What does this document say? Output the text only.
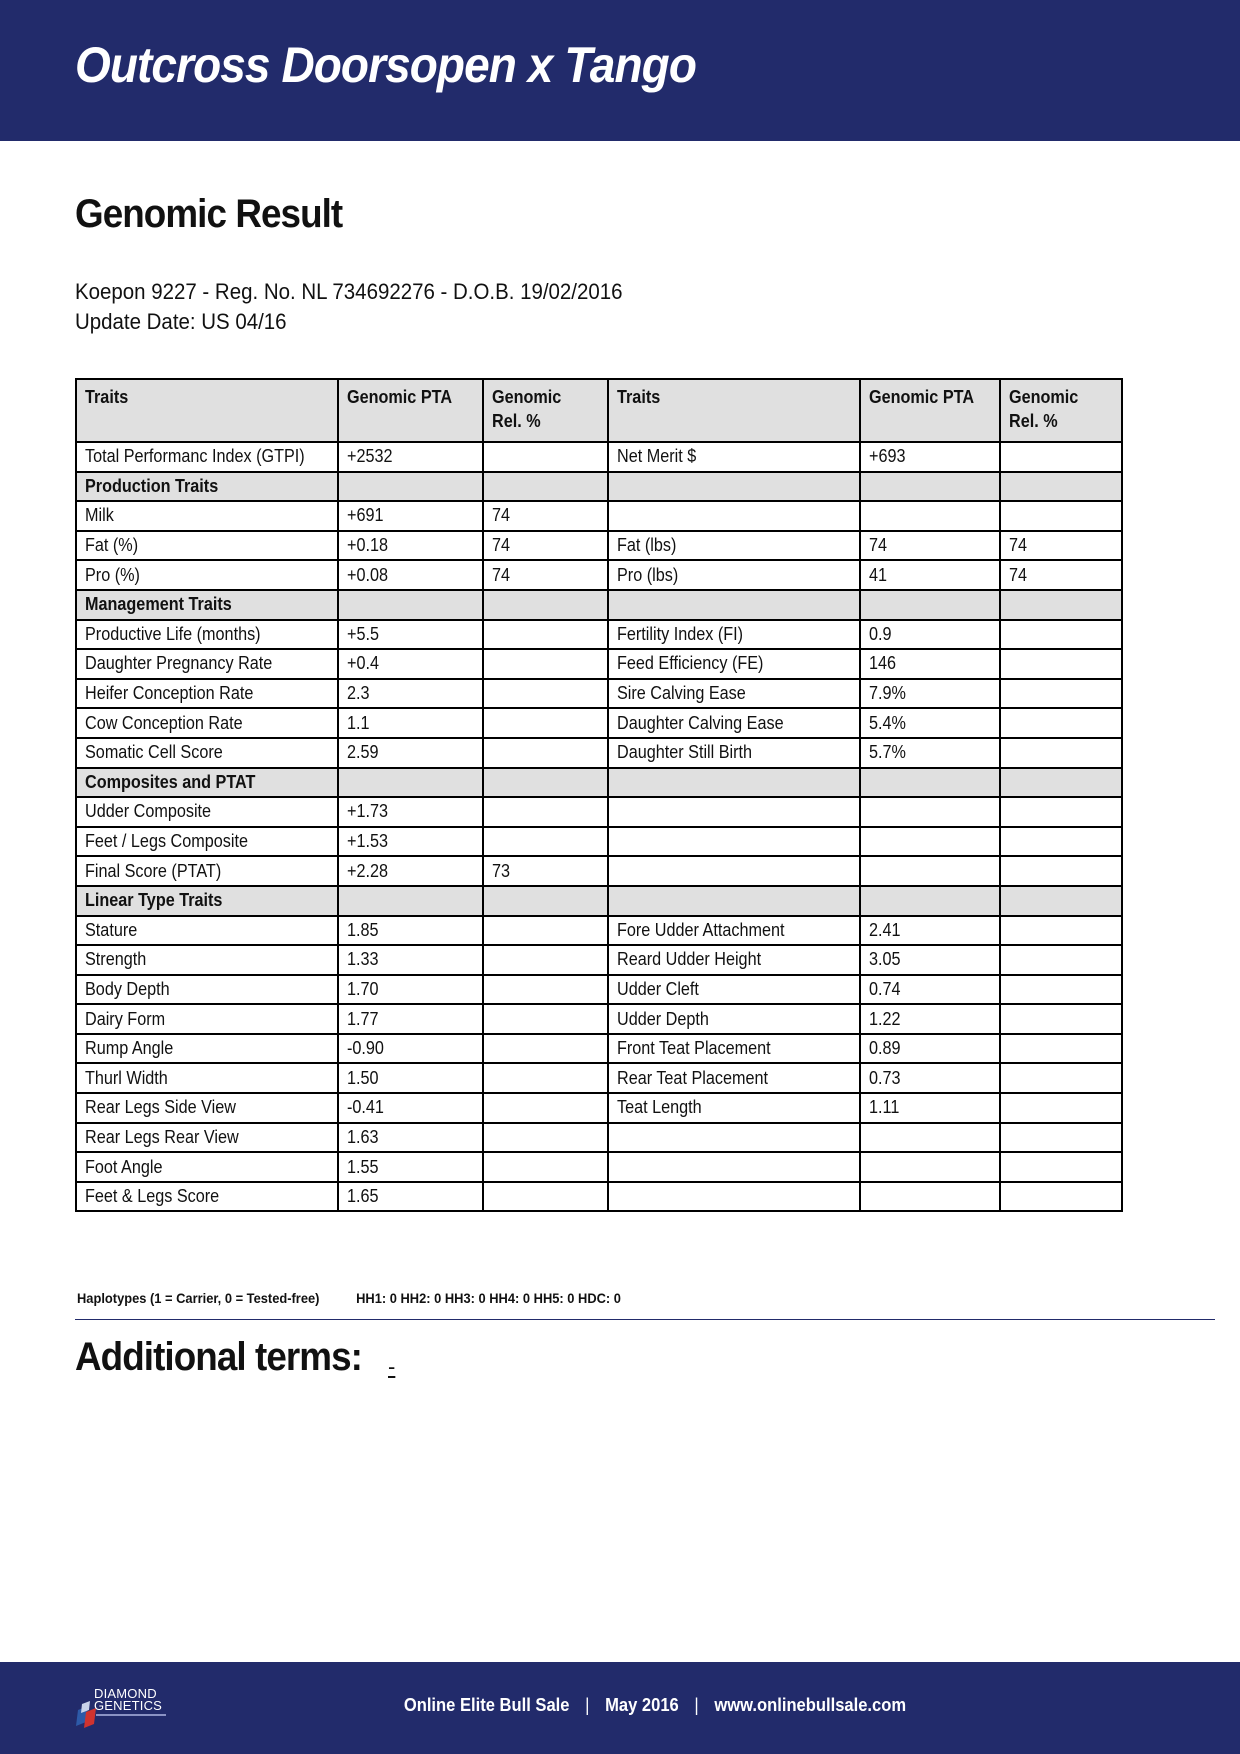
Outcross Doorsopen x Tango
Genomic Result
Koepon 9227 - Reg. No. NL 734692276 - D.O.B. 19/02/2016
Update Date: US 04/16
Traits	Genomic PTA	Genomic Rel. %	Traits	Genomic PTA	Genomic Rel. %
Total Performanc Index (GTPI)	+2532		Net Merit $	+693	
Production Traits					
Milk	+691	74			
Fat (%)	+0.18	74	Fat (lbs)	74	74
Pro (%)	+0.08	74	Pro (lbs)	41	74
Management Traits					
Productive Life (months)	+5.5		Fertility Index (FI)	0.9	
Daughter Pregnancy Rate	+0.4		Feed Efficiency (FE)	146	
Heifer Conception Rate	2.3		Sire Calving Ease	7.9%	
Cow Conception Rate	1.1		Daughter Calving Ease	5.4%	
Somatic Cell Score	2.59		Daughter Still Birth	5.7%	
Composites and PTAT					
Udder Composite	+1.73				
Feet / Legs Composite	+1.53				
Final Score (PTAT)	+2.28	73			
Linear Type Traits					
Stature	1.85		Fore Udder Attachment	2.41	
Strength	1.33		Reard Udder Height	3.05	
Body Depth	1.70		Udder Cleft	0.74	
Dairy Form	1.77		Udder Depth	1.22	
Rump Angle	-0.90		Front Teat Placement	0.89	
Thurl Width	1.50		Rear Teat Placement	0.73	
Rear Legs Side View	-0.41		Teat Length	1.11	
Rear Legs Rear View	1.63				
Foot Angle	1.55				
Feet & Legs Score	1.65				
Haplotypes (1 = Carrier, 0 = Tested-free)	HH1: 0 HH2: 0 HH3: 0 HH4: 0 HH5: 0 HDC: 0
Additional terms: -
DIAMOND
GENETICS	Online Elite Bull Sale | May 2016 | www.onlinebullsale.com
